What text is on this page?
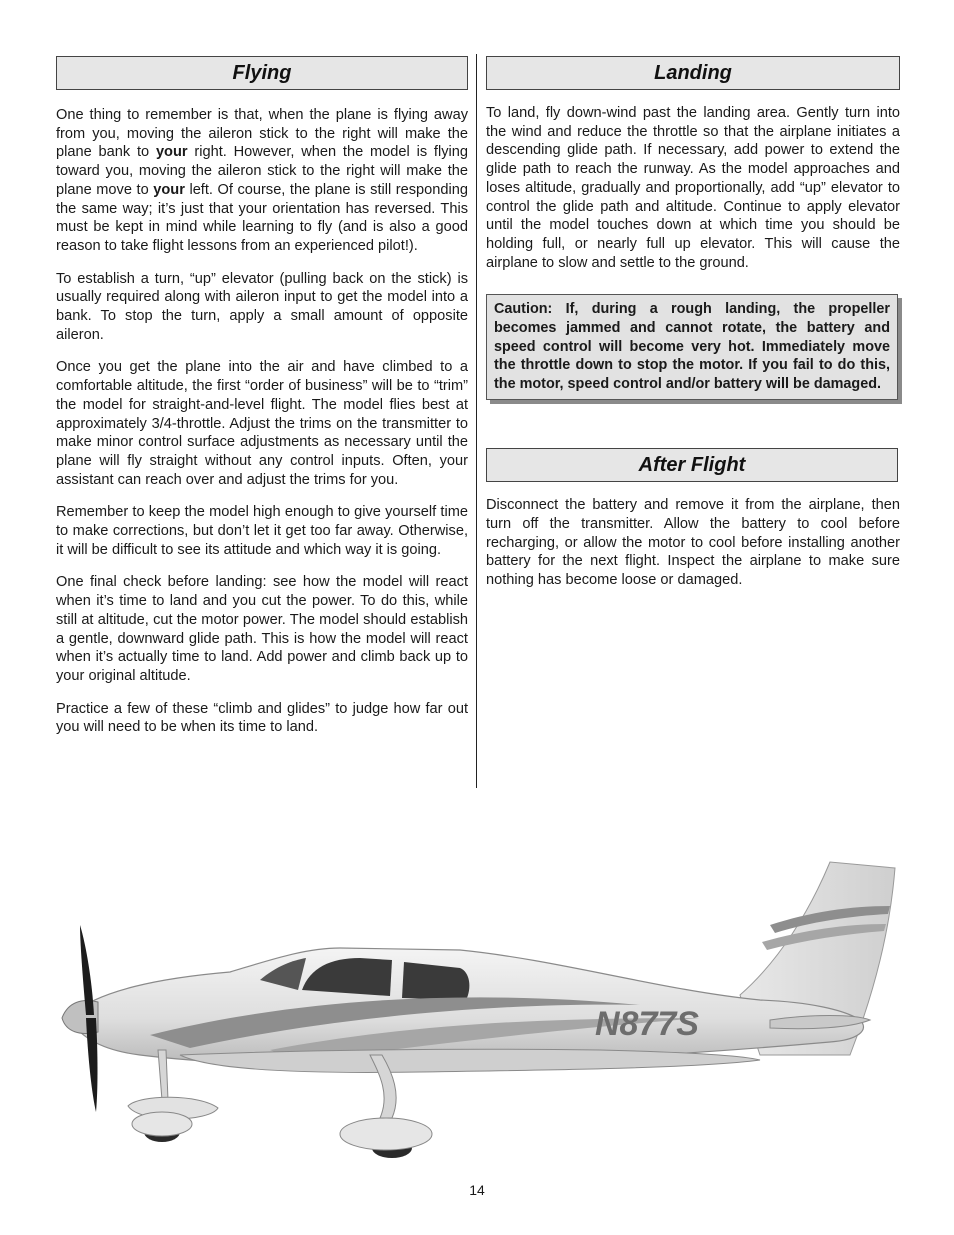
Flying

One thing to remember is that, when the plane is flying away from you, moving the aileron stick to the right will make the plane bank to your right. However, when the model is flying toward you, moving the aileron stick to the right will make the plane move to your left. Of course, the plane is still responding the same way; it’s just that your orientation has reversed. This must be kept in mind while learning to fly (and is also a good reason to take flight lessons from an experienced pilot!).

To establish a turn, “up” elevator (pulling back on the stick) is usually required along with aileron input to get the model into a bank. To stop the turn, apply a small amount of opposite aileron.

Once you get the plane into the air and have climbed to a comfortable altitude, the first “order of business” will be to “trim” the model for straight-and-level flight. The model flies best at approximately 3/4-throttle. Adjust the trims on the transmitter to make minor control surface adjustments as necessary until the plane will fly straight without any control inputs. Often, your assistant can reach over and adjust the trims for you.

Remember to keep the model high enough to give yourself time to make corrections, but don’t let it get too far away. Otherwise, it will be difficult to see its attitude and which way it is going.

One final check before landing: see how the model will react when it’s time to land and you cut the power. To do this, while still at altitude, cut the motor power. The model should establish a gentle, downward glide path. This is how the model will react when it’s actually time to land. Add power and climb back up to your original altitude.

Practice a few of these “climb and glides” to judge how far out you will need to be when its time to land.

Landing

To land, fly down-wind past the landing area. Gently turn into the wind and reduce the throttle so that the airplane initiates a descending glide path. If necessary, add power to extend the glide path to reach the runway. As the model approaches and loses altitude, gradually and proportionally, add “up” elevator to control the glide path and altitude. Continue to apply elevator until the model touches down at which time you should be holding full, or nearly full up elevator. This will cause the airplane to slow and settle to the ground.

Caution: If, during a rough landing, the propeller becomes jammed and cannot rotate, the battery and speed control will become very hot. Immediately move the throttle down to stop the motor. If you fail to do this, the motor, speed control and/or battery will be damaged.

After Flight

Disconnect the battery and remove it from the airplane, then turn off the transmitter. Allow the battery to cool before recharging, or allow the motor to cool before installing another battery for the next flight. Inspect the airplane to make sure nothing has become loose or damaged.

N877S
14
